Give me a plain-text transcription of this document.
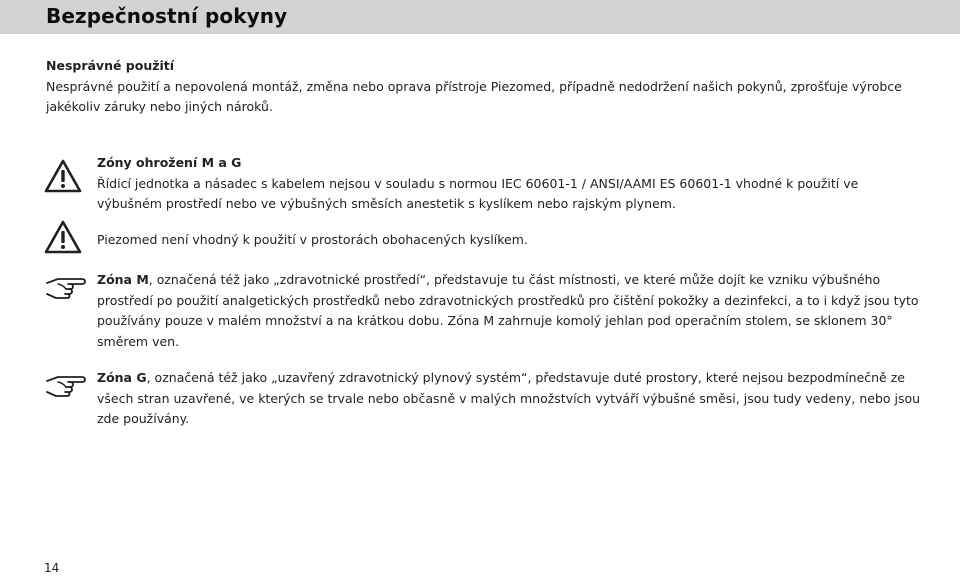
Bezpečnostní pokyny
Nesprávné použití
Nesprávné použití a nepovolená montáž, změna nebo oprava přístroje Piezomed, případně nedodržení našich pokynů, zprošťuje výrobce jakékoliv záruky nebo jiných nároků.
Zóny ohrožení M a G
Řídicí jednotka a násadec s kabelem nejsou v souladu s normou IEC 60601-1 / ANSI/AAMI ES 60601-1 vhodné k použití ve výbušném prostředí nebo ve výbušných směsích anestetik s kyslíkem nebo rajským plynem.
Piezomed není vhodný k použití v prostorách obohacených kyslíkem.
Zóna M, označená též jako „zdravotnické prostředí“, představuje tu část místnosti, ve které může dojít ke vzniku výbušného prostředí po použití analgetických prostředků nebo zdravotnických prostředků pro čištění pokožky a dezinfekci, a to i když jsou tyto používány pouze v malém množství a na krátkou dobu. Zóna M zahrnuje komolý jehlan pod operačním stolem, se sklonem 30° směrem ven.
Zóna G, označená též jako „uzavřený zdravotnický plynový systém“, představuje duté prostory, které nejsou bezpodmínečně ze všech stran uzavřené, ve kterých se trvale nebo občasně v malých množstvích vytváří výbušné směsi, jsou tudy vedeny, nebo jsou zde používány.
14
